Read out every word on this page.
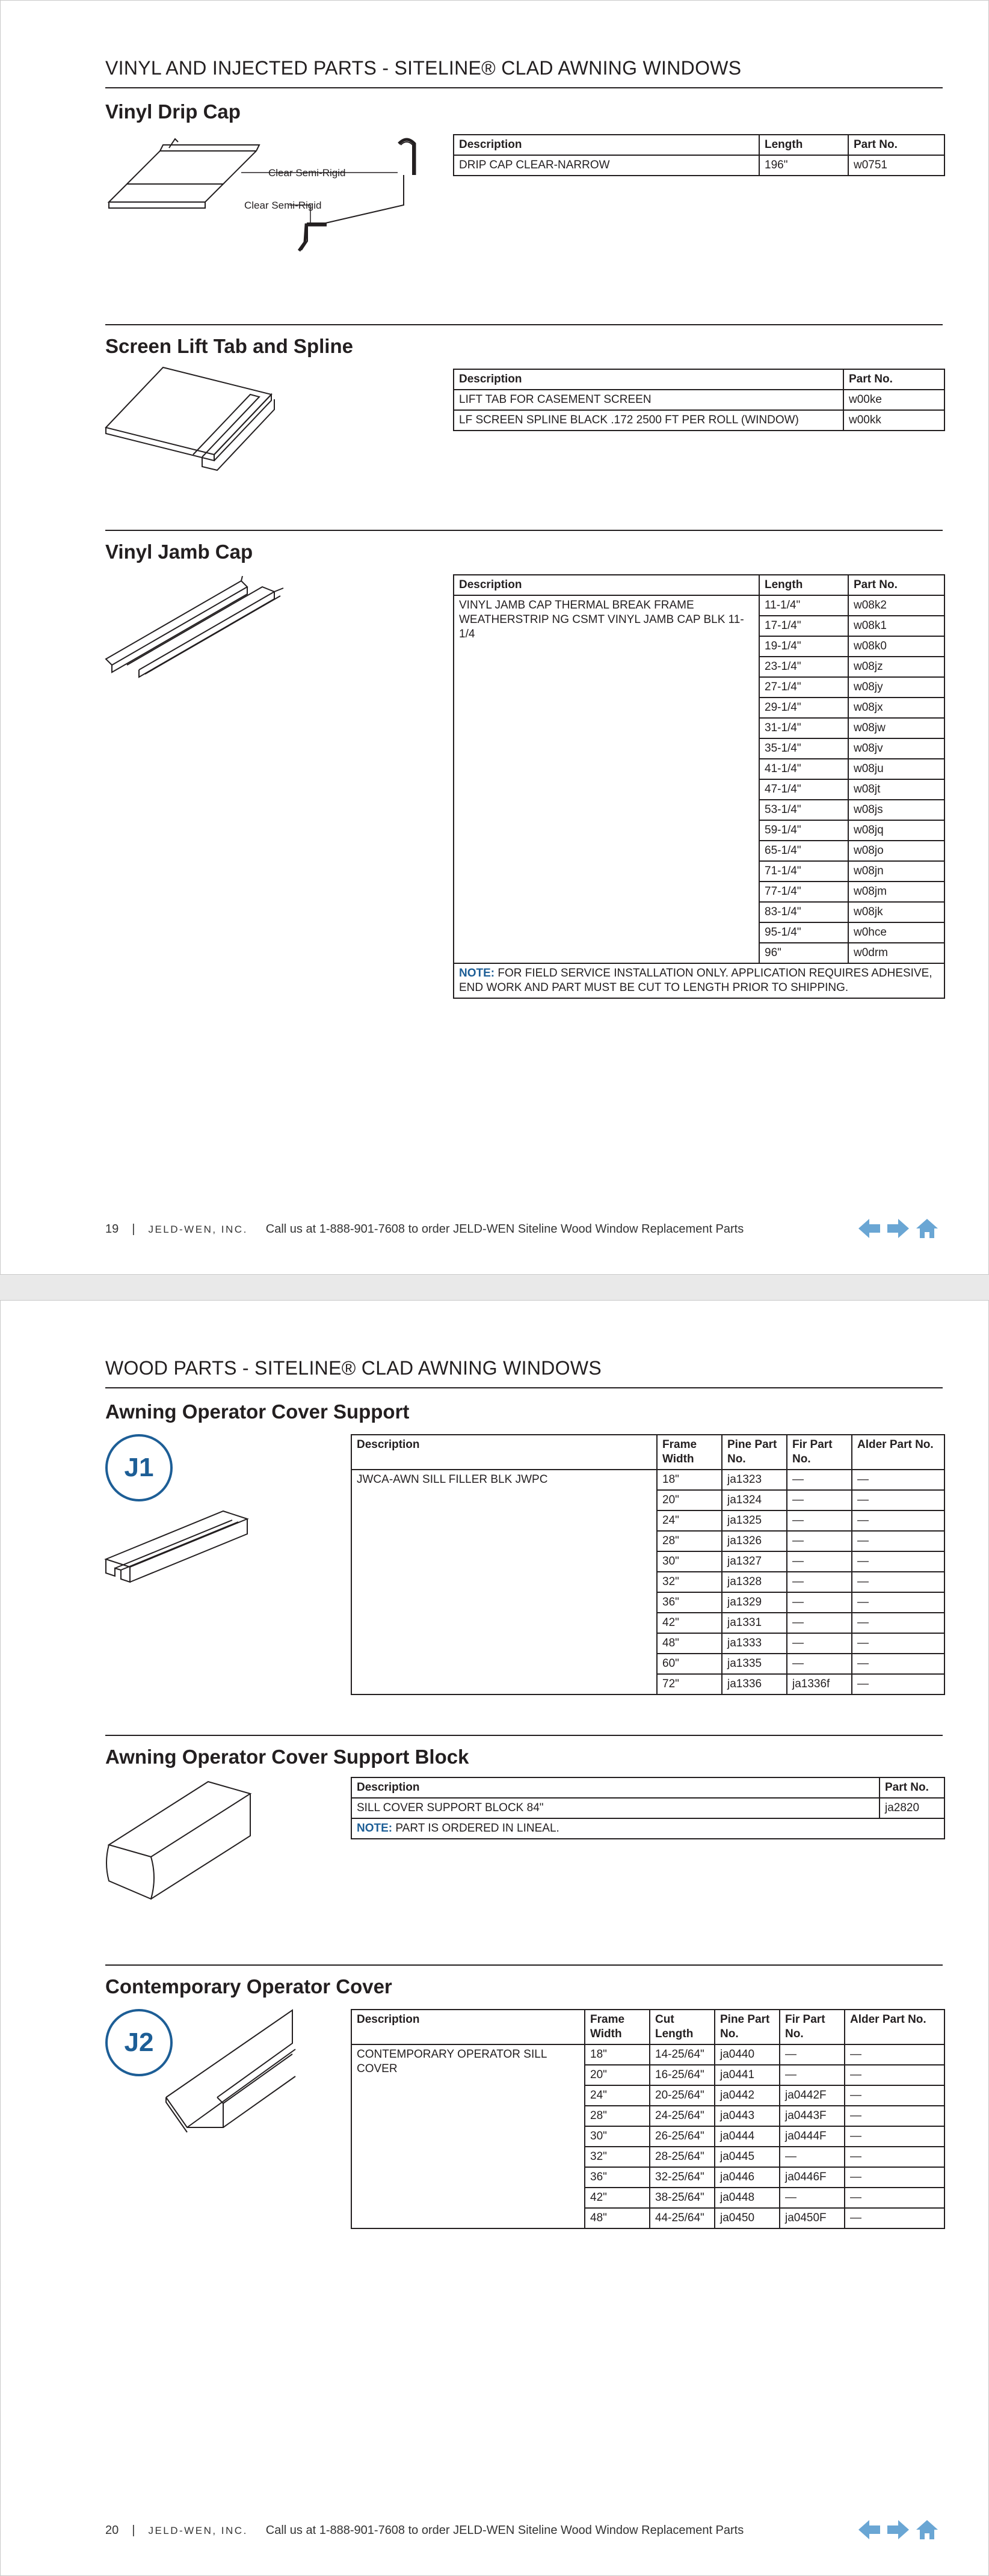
VINYL AND INJECTED PARTS - SITELINE® CLAD AWNING WINDOWS
Vinyl Drip Cap
Clear Semi-Rigid
Clear Semi-Rigid
Description	Length	Part No.
DRIP CAP CLEAR-NARROW	196"	w0751
Screen Lift Tab and Spline
Description	Part No.
LIFT TAB FOR CASEMENT SCREEN	w00ke
LF SCREEN SPLINE BLACK .172 2500 FT PER ROLL (WINDOW)	w00kk
Vinyl Jamb Cap
Description	Length	Part No.
VINYL JAMB CAP THERMAL BREAK FRAME WEATHERSTRIP NG CSMT VINYL JAMB CAP BLK 11-1/4	11-1/4"	w08k2
	17-1/4"	w08k1
	19-1/4"	w08k0
	23-1/4"	w08jz
	27-1/4"	w08jy
	29-1/4"	w08jx
	31-1/4"	w08jw
	35-1/4"	w08jv
	41-1/4"	w08ju
	47-1/4"	w08jt
	53-1/4"	w08js
	59-1/4"	w08jq
	65-1/4"	w08jo
	71-1/4"	w08jn
	77-1/4"	w08jm
	83-1/4"	w08jk
	95-1/4"	w0hce
	96"	w0drm
NOTE: FOR FIELD SERVICE INSTALLATION ONLY. APPLICATION REQUIRES ADHESIVE, END WORK AND PART MUST BE CUT TO LENGTH PRIOR TO SHIPPING.		
19 | JELD-WEN, INC. Call us at 1-888-901-7608 to order JELD-WEN Siteline Wood Window Replacement Parts
WOOD PARTS - SITELINE® CLAD AWNING WINDOWS
Awning Operator Cover Support
J1
Description	Frame Width	Pine Part No.	Fir Part No.	Alder Part No.
JWCA-AWN SILL FILLER BLK JWPC	18"	ja1323	—	—
	20"	ja1324	—	—
	24"	ja1325	—	—
	28"	ja1326	—	—
	30"	ja1327	—	—
	32"	ja1328	—	—
	36"	ja1329	—	—
	42"	ja1331	—	—
	48"	ja1333	—	—
	60"	ja1335	—	—
	72"	ja1336	ja1336f	—
Awning Operator Cover Support Block
Description	Part No.
SILL COVER SUPPORT BLOCK 84"	ja2820
NOTE: PART IS ORDERED IN LINEAL.	
Contemporary Operator Cover
J2
Description	Frame Width	Cut Length	Pine Part No.	Fir Part No.	Alder Part No.
CONTEMPORARY OPERATOR SILL COVER	18"	14-25/64"	ja0440	—	—
	20"	16-25/64"	ja0441	—	—
	24"	20-25/64"	ja0442	ja0442F	—
	28"	24-25/64"	ja0443	ja0443F	—
	30"	26-25/64"	ja0444	ja0444F	—
	32"	28-25/64"	ja0445	—	—
	36"	32-25/64"	ja0446	ja0446F	—
	42"	38-25/64"	ja0448	—	—
	48"	44-25/64"	ja0450	ja0450F	—
20 | JELD-WEN, INC. Call us at 1-888-901-7608 to order JELD-WEN Siteline Wood Window Replacement Parts
